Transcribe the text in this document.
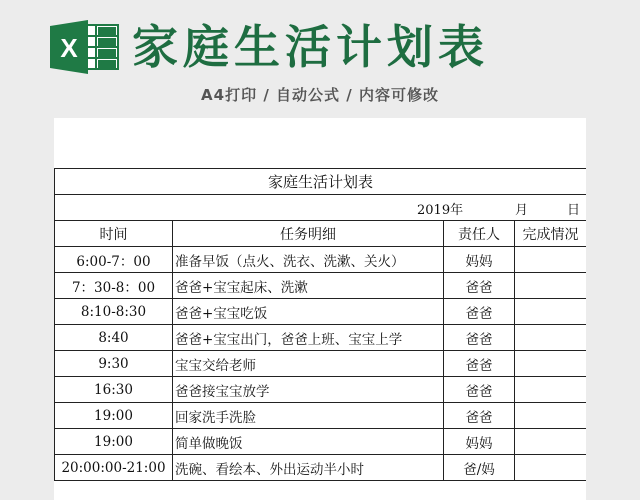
X 家庭生活计划表
A4打印 / 自动公式 / 内容可修改
家庭生活计划表			

2019年 月 日			

时间	任务明细	责任人	完成情况
6:00-7：00	准备早饭（点火、洗衣、洗漱、关火）	妈妈	
7：30-8：00	爸爸+宝宝起床、洗漱	爸爸	
8:10-8:30	爸爸+宝宝吃饭	爸爸	
8:40	爸爸+宝宝出门，爸爸上班、宝宝上学	爸爸	
9:30	宝宝交给老师	爸爸	
16:30	爸爸接宝宝放学	爸爸	
19:00	回家洗手洗脸	爸爸	
19:00	简单做晚饭	妈妈	
20:00:00-21:00	洗碗、看绘本、外出运动半小时	爸/妈	
